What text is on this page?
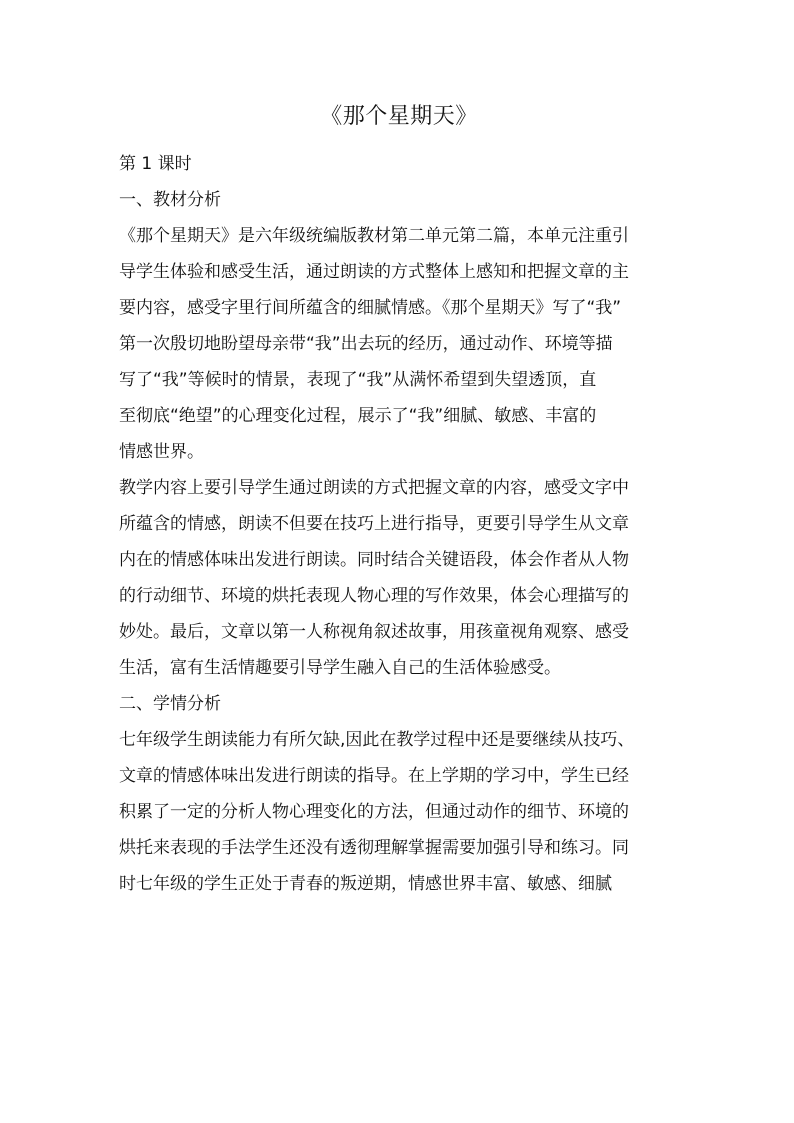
《那个星期天》
第 1 课时
一、教材分析
《那个星期天》是六年级统编版教材第二单元第二篇，本单元注重引
导学生体验和感受生活，通过朗读的方式整体上感知和把握文章的主
要内容，感受字里行间所蕴含的细腻情感。《那个星期天》写了“我”
第一次殷切地盼望母亲带“我”出去玩的经历，通过动作、环境等描
写了“我”等候时的情景，表现了“我”从满怀希望到失望透顶，直
至彻底“绝望”的心理变化过程，展示了“我”细腻、敏感、丰富的
情感世界。
教学内容上要引导学生通过朗读的方式把握文章的内容，感受文字中
所蕴含的情感，朗读不但要在技巧上进行指导，更要引导学生从文章
内在的情感体味出发进行朗读。同时结合关键语段，体会作者从人物
的行动细节、环境的烘托表现人物心理的写作效果，体会心理描写的
妙处。最后，文章以第一人称视角叙述故事，用孩童视角观察、感受
生活，富有生活情趣要引导学生融入自己的生活体验感受。
二、学情分析
七年级学生朗读能力有所欠缺,因此在教学过程中还是要继续从技巧、
文章的情感体味出发进行朗读的指导。在上学期的学习中，学生已经
积累了一定的分析人物心理变化的方法，但通过动作的细节、环境的
烘托来表现的手法学生还没有透彻理解掌握需要加强引导和练习。同
时七年级的学生正处于青春的叛逆期，情感世界丰富、敏感、细腻
